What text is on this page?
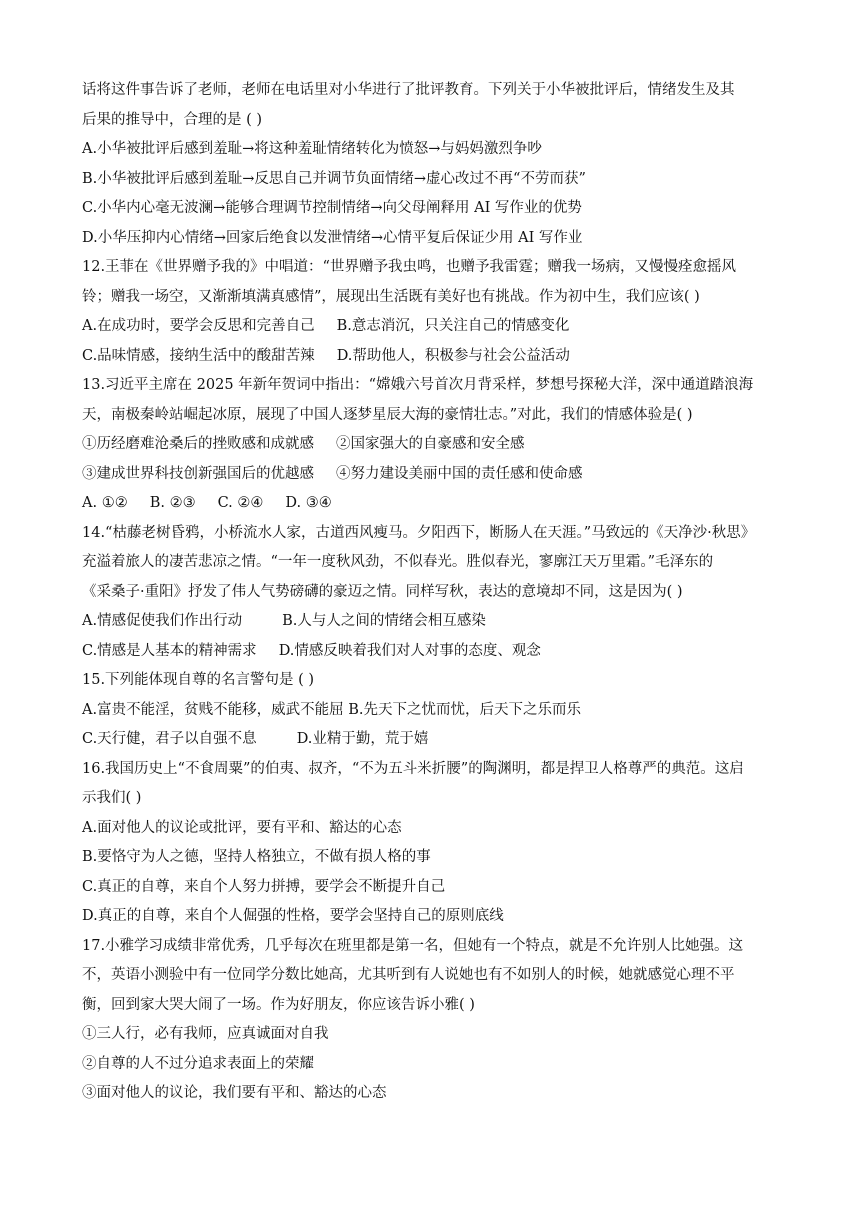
话将这件事告诉了老师，老师在电话里对小华进行了批评教育。下列关于小华被批评后，情绪发生及其
后果的推导中，合理的是 ( )
A.小华被批评后感到羞耻→将这种羞耻情绪转化为愤怒→与妈妈激烈争吵
B.小华被批评后感到羞耻→反思自己并调节负面情绪→虚心改过不再“不劳而获”
C.小华内心毫无波澜→能够合理调节控制情绪→向父母阐释用 AI 写作业的优势
D.小华压抑内心情绪→回家后绝食以发泄情绪→心情平复后保证少用 AI 写作业
12.王菲在《世界赠予我的》中唱道：“世界赠予我虫鸣，也赠予我雷霆；赠我一场病，又慢慢痊愈摇风
铃；赠我一场空，又渐渐填满真感情”，展现出生活既有美好也有挑战。作为初中生，我们应该( )
A.在成功时，要学会反思和完善自己 B.意志消沉，只关注自己的情感变化
C.品味情感，接纳生活中的酸甜苦辣 D.帮助他人，积极参与社会公益活动
13.习近平主席在 2025 年新年贺词中指出：“嫦娥六号首次月背采样，梦想号探秘大洋，深中通道踏浪海
天，南极秦岭站崛起冰原，展现了中国人逐梦星辰大海的豪情壮志。”对此，我们的情感体验是( )
①历经磨难沧桑后的挫败感和成就感 ②国家强大的自豪感和安全感
③建成世界科技创新强国后的优越感 ④努力建设美丽中国的责任感和使命感
A. ①② B. ②③ C. ②④ D. ③④
14.“枯藤老树昏鸦，小桥流水人家，古道西风瘦马。夕阳西下，断肠人在天涯。”马致远的《天净沙·秋思》
充溢着旅人的凄苦悲凉之情。“一年一度秋风劲，不似春光。胜似春光，寥廓江天万里霜。”毛泽东的
《采桑子·重阳》抒发了伟人气势磅礴的豪迈之情。同样写秋，表达的意境却不同，这是因为( )
A.情感促使我们作出行动	B.人与人之间的情绪会相互感染
C.情感是人基本的精神需求 D.情感反映着我们对人对事的态度、观念
15.下列能体现自尊的名言警句是 ( )
A.富贵不能淫，贫贱不能移，威武不能屈 B.先天下之忧而忧，后天下之乐而乐
C.天行健，君子以自强不息	D.业精于勤，荒于嬉
16.我国历史上“不食周粟”的伯夷、叔齐，“不为五斗米折腰”的陶渊明，都是捍卫人格尊严的典范。这启
示我们( )
A.面对他人的议论或批评，要有平和、豁达的心态
B.要恪守为人之德，坚持人格独立，不做有损人格的事
C.真正的自尊，来自个人努力拼搏，要学会不断提升自己
D.真正的自尊，来自个人倔强的性格，要学会坚持自己的原则底线
17.小雅学习成绩非常优秀，几乎每次在班里都是第一名，但她有一个特点，就是不允许别人比她强。这
不，英语小测验中有一位同学分数比她高，尤其听到有人说她也有不如别人的时候，她就感觉心理不平
衡，回到家大哭大闹了一场。作为好朋友，你应该告诉小雅( )
①三人行，必有我师，应真诚面对自我
②自尊的人不过分追求表面上的荣耀
③面对他人的议论，我们要有平和、豁达的心态
